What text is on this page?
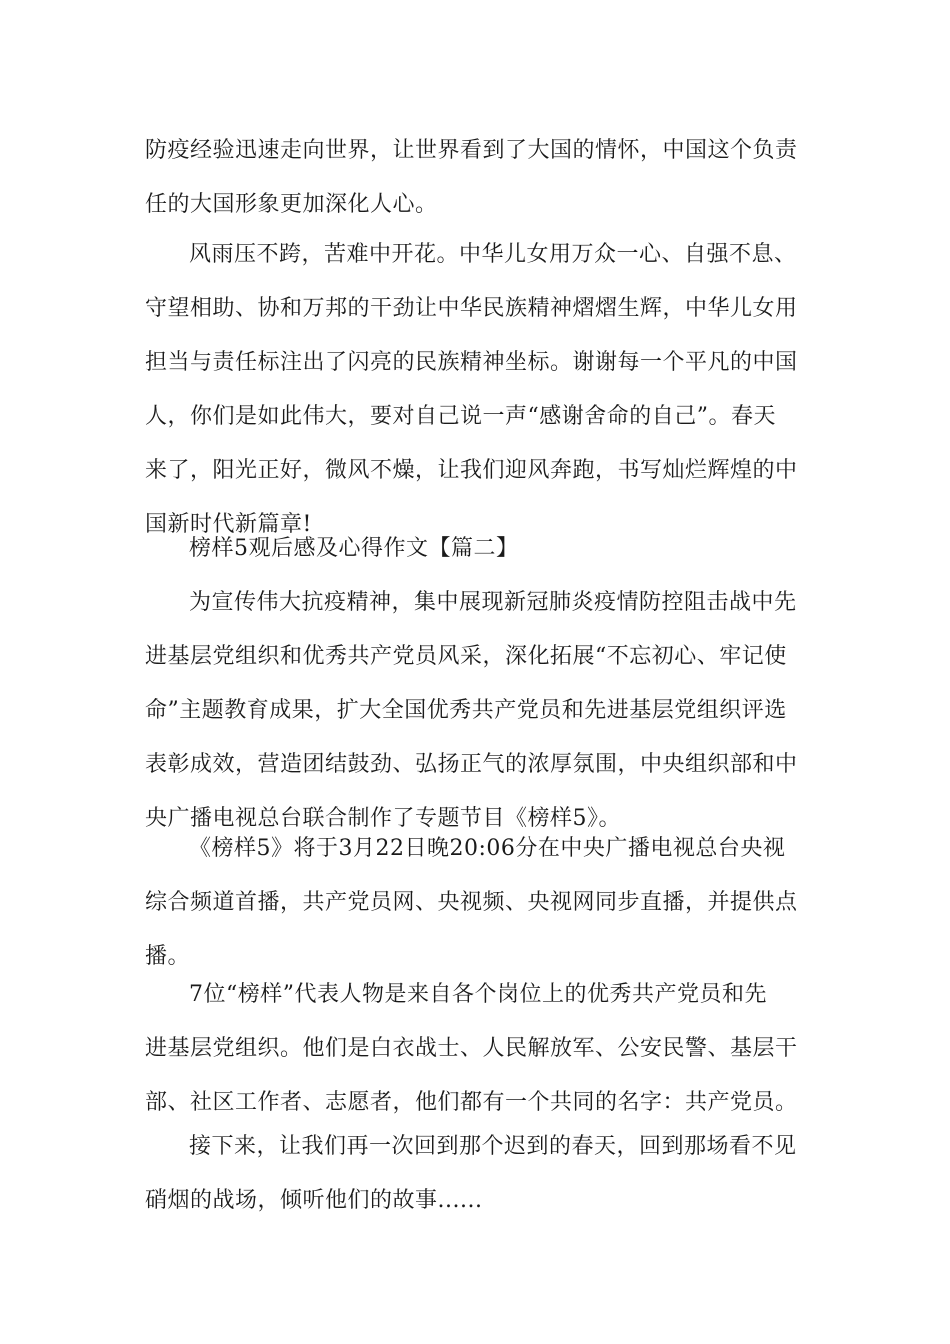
防疫经验迅速走向世界，让世界看到了大国的情怀，中国这个负责
任的大国形象更加深化人心。
风雨压不跨，苦难中开花。中华儿女用万众一心、自强不息、
守望相助、协和万邦的干劲让中华民族精神熠熠生辉，中华儿女用
担当与责任标注出了闪亮的民族精神坐标。谢谢每一个平凡的中国
人，你们是如此伟大，要对自己说一声“感谢舍命的自己”。春天
来了，阳光正好，微风不燥，让我们迎风奔跑，书写灿烂辉煌的中
国新时代新篇章!
榜样5观后感及心得作文【篇二】
为宣传伟大抗疫精神，集中展现新冠肺炎疫情防控阻击战中先
进基层党组织和优秀共产党员风采，深化拓展“不忘初心、牢记使
命”主题教育成果，扩大全国优秀共产党员和先进基层党组织评选
表彰成效，营造团结鼓劲、弘扬正气的浓厚氛围，中央组织部和中
央广播电视总台联合制作了专题节目《榜样5》。
《榜样5》将于3月22日晚20:06分在中央广播电视总台央视
综合频道首播，共产党员网、央视频、央视网同步直播，并提供点
播。
7位“榜样”代表人物是来自各个岗位上的优秀共产党员和先
进基层党组织。他们是白衣战士、人民解放军、公安民警、基层干
部、社区工作者、志愿者，他们都有一个共同的名字：共产党员。
接下来，让我们再一次回到那个迟到的春天，回到那场看不见
硝烟的战场，倾听他们的故事......
